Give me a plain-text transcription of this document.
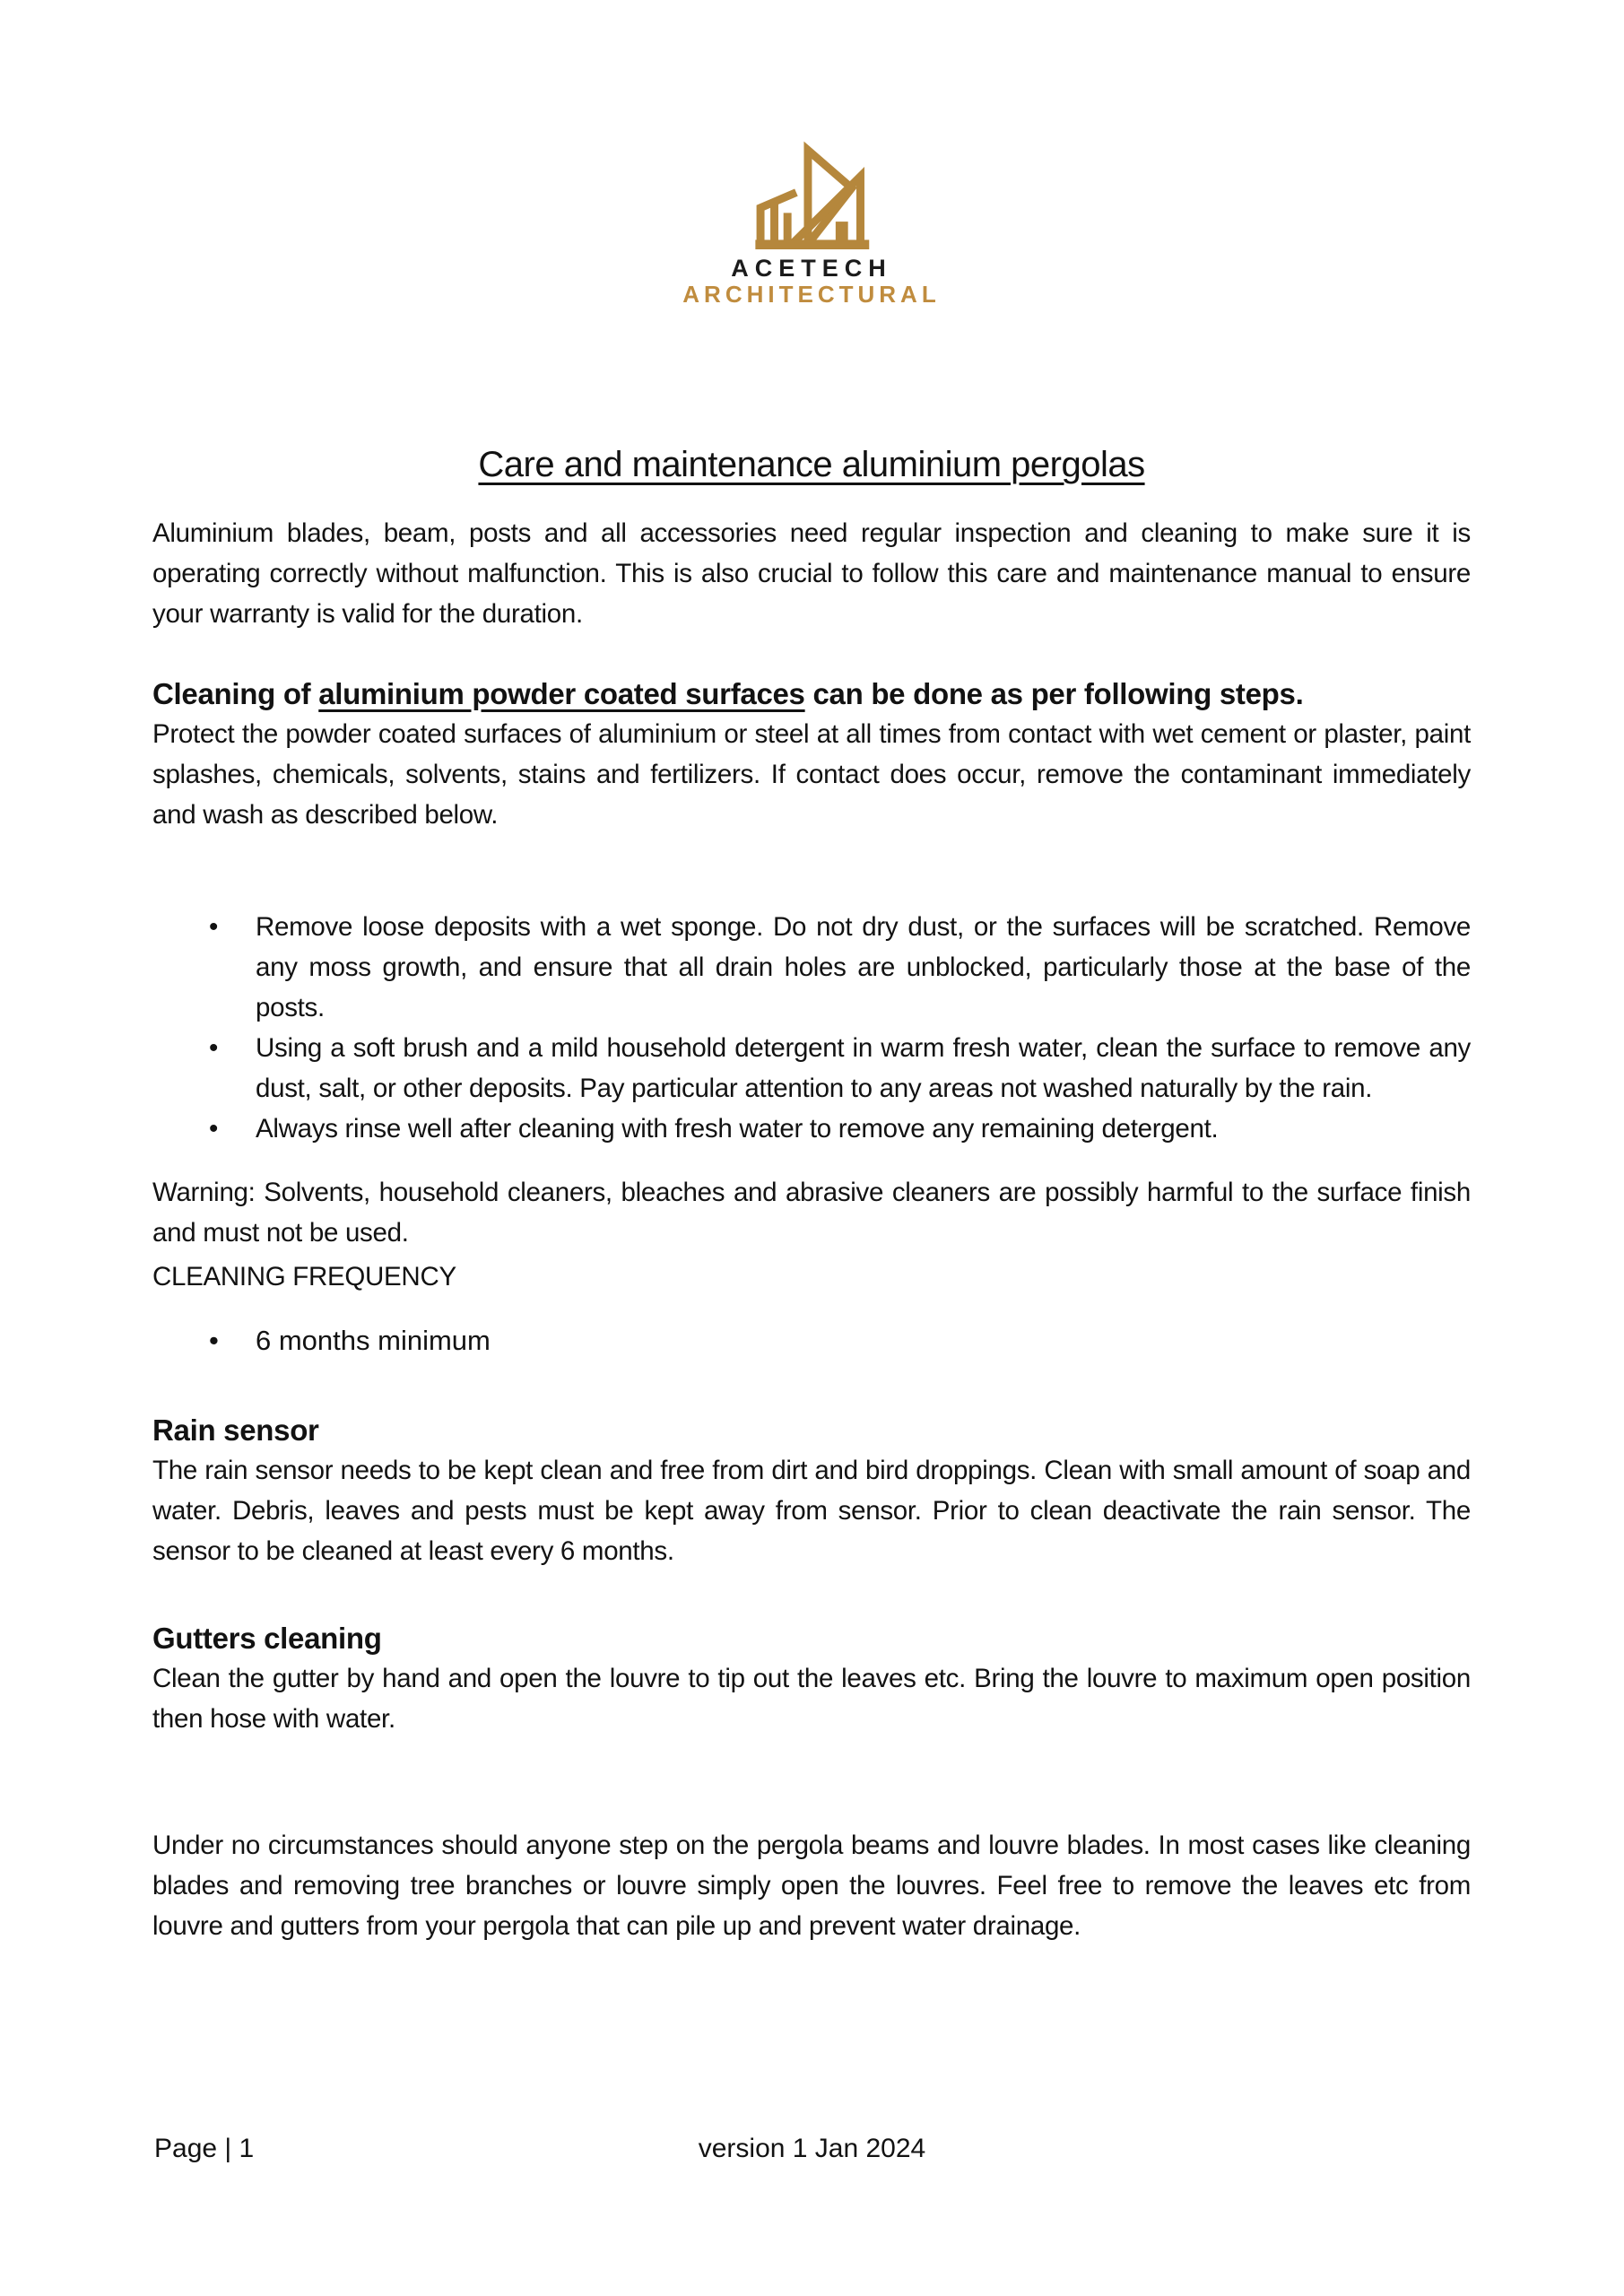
ACETECH
ARCHITECTURAL
Care and maintenance aluminium pergolas

Aluminium blades, beam, posts and all accessories need regular inspection and cleaning to make sure it is operating correctly without malfunction. This is also crucial to follow this care and maintenance manual to ensure your warranty is valid for the duration.

Cleaning of aluminium powder coated surfaces can be done as per following steps.

Protect the powder coated surfaces of aluminium or steel at all times from contact with wet cement or plaster, paint splashes, chemicals, solvents, stains and fertilizers. If contact does occur, remove the contaminant immediately and wash as described below.

• Remove loose deposits with a wet sponge. Do not dry dust, or the surfaces will be scratched. Remove any moss growth, and ensure that all drain holes are unblocked, particularly those at the base of the posts.
• Using a soft brush and a mild household detergent in warm fresh water, clean the surface to remove any dust, salt, or other deposits. Pay particular attention to any areas not washed naturally by the rain.
• Always rinse well after cleaning with fresh water to remove any remaining detergent.

Warning: Solvents, household cleaners, bleaches and abrasive cleaners are possibly harmful to the surface finish and must not be used.

CLEANING FREQUENCY

• 6 months minimum
Rain sensor

The rain sensor needs to be kept clean and free from dirt and bird droppings. Clean with small amount of soap and water. Debris, leaves and pests must be kept away from sensor. Prior to clean deactivate the rain sensor. The sensor to be cleaned at least every 6 months.

Gutters cleaning

Clean the gutter by hand and open the louvre to tip out the leaves etc. Bring the louvre to maximum open position then hose with water.

Under no circumstances should anyone step on the pergola beams and louvre blades. In most cases like cleaning blades and removing tree branches or louvre simply open the louvres. Feel free to remove the leaves etc from louvre and gutters from your pergola that can pile up and prevent water drainage.

Page | 1	version 1 Jan 2024
